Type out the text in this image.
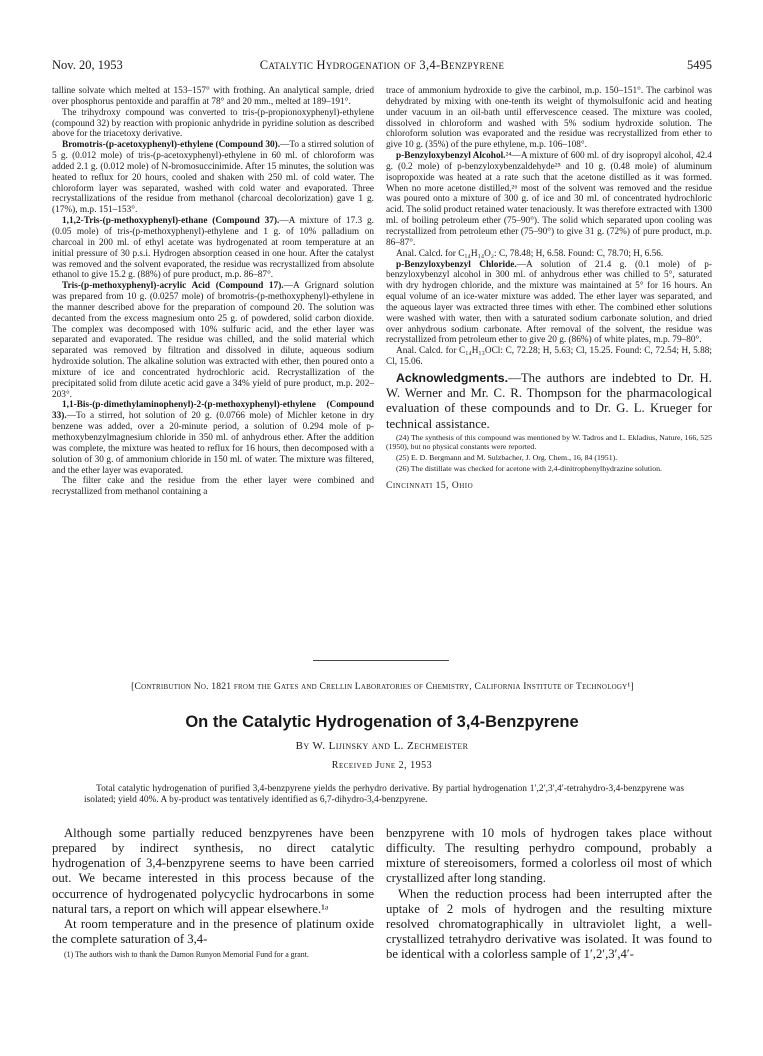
Nov. 20, 1953	Catalytic Hydrogenation of 3,4-Benzpyrene	5495

talline solvate which melted at 153–157° with frothing. An analytical sample, dried over phosphorus pentoxide and paraffin at 78° and 20 mm., melted at 189–191°.

The trihydroxy compound was converted to tris-(p-propionoxyphenyl)-ethylene (compound 32) by reaction with propionic anhydride in pyridine solution as described above for the triacetoxy derivative.

Bromotris-(p-acetoxyphenyl)-ethylene (Compound 30).—To a stirred solution of 5 g. (0.012 mole) of tris-(p-acetoxyphenyl)-ethylene in 60 ml. of chloroform was added 2.1 g. (0.012 mole) of N-bromosuccinimide. After 15 minutes, the solution was heated to reflux for 20 hours, cooled and shaken with 250 ml. of cold water. The chloroform layer was separated, washed with cold water and evaporated. Three recrystallizations of the residue from methanol (charcoal decolorization) gave 1 g. (17%), m.p. 151–153°.

1,1,2-Tris-(p-methoxyphenyl)-ethane (Compound 37).—A mixture of 17.3 g. (0.05 mole) of tris-(p-methoxyphenyl)-ethylene and 1 g. of 10% palladium on charcoal in 200 ml. of ethyl acetate was hydrogenated at room temperature at an initial pressure of 30 p.s.i. Hydrogen absorption ceased in one hour. After the catalyst was removed and the solvent evaporated, the residue was recrystallized from absolute ethanol to give 15.2 g. (88%) of pure product, m.p. 86–87°.

Tris-(p-methoxyphenyl)-acrylic Acid (Compound 17).—A Grignard solution was prepared from 10 g. (0.0257 mole) of bromotris-(p-methoxyphenyl)-ethylene in the manner described above for the preparation of compound 20. The solution was decanted from the excess magnesium onto 25 g. of powdered, solid carbon dioxide. The complex was decomposed with 10% sulfuric acid, and the ether layer was separated and evaporated. The residue was chilled, and the solid material which separated was removed by filtration and dissolved in dilute, aqueous sodium hydroxide solution. The alkaline solution was extracted with ether, then poured onto a mixture of ice and concentrated hydrochloric acid. Recrystallization of the precipitated solid from dilute acetic acid gave a 34% yield of pure product, m.p. 202–203°.

1,1-Bis-(p-dimethylaminophenyl)-2-(p-methoxyphenyl)-ethylene (Compound 33).—To a stirred, hot solution of 20 g. (0.0766 mole) of Michler ketone in dry benzene was added, over a 20-minute period, a solution of 0.294 mole of p-methoxybenzylmagnesium chloride in 350 ml. of anhydrous ether. After the addition was complete, the mixture was heated to reflux for 16 hours, then decomposed with a solution of 30 g. of ammonium chloride in 150 ml. of water. The mixture was filtered, and the ether layer was evaporated.

The filter cake and the residue from the ether layer were combined and recrystallized from methanol containing a

trace of ammonium hydroxide to give the carbinol, m.p. 150–151°. The carbinol was dehydrated by mixing with one-tenth its weight of thymolsulfonic acid and heating under vacuum in an oil-bath until effervescence ceased. The mixture was cooled, dissolved in chloroform and washed with 5% sodium hydroxide solution. The chloroform solution was evaporated and the residue was recrystallized from ether to give 10 g. (35%) of the pure ethylene, m.p. 106–108°.

p-Benzyloxybenzyl Alcohol.²⁴—A mixture of 600 ml. of dry isopropyl alcohol, 42.4 g. (0.2 mole) of p-benzyloxybenzaldehyde²⁵ and 10 g. (0.48 mole) of aluminum isopropoxide was heated at a rate such that the acetone distilled as it was formed. When no more acetone distilled,²⁶ most of the solvent was removed and the residue was poured onto a mixture of 300 g. of ice and 30 ml. of concentrated hydrochloric acid. The solid product retained water tenaciously. It was therefore extracted with 1300 ml. of boiling petroleum ether (75–90°). The solid which separated upon cooling was recrystallized from petroleum ether (75–90°) to give 31 g. (72%) of pure product, m.p. 86–87°.

Anal. Calcd. for C₁₄H₁₄O₂: C, 78.48; H, 6.58. Found: C, 78.70; H, 6.56.

p-Benzyloxybenzyl Chloride.—A solution of 21.4 g. (0.1 mole) of p-benzyloxybenzyl alcohol in 300 ml. of anhydrous ether was chilled to 5°, saturated with dry hydrogen chloride, and the mixture was maintained at 5° for 16 hours. An equal volume of an ice-water mixture was added. The ether layer was separated, and the aqueous layer was extracted three times with ether. The combined ether solutions were washed with water, then with a saturated sodium carbonate solution, and dried over anhydrous sodium carbonate. After removal of the solvent, the residue was recrystallized from petroleum ether to give 20 g. (86%) of white plates, m.p. 79–80°.

Anal. Calcd. for C₁₄H₁₃OCl: C, 72.28; H, 5.63; Cl, 15.25. Found: C, 72.54; H, 5.88; Cl, 15.06.

Acknowledgments.—The authors are indebted to Dr. H. W. Werner and Mr. C. R. Thompson for the pharmacological evaluation of these compounds and to Dr. G. L. Krueger for technical assistance.

(24) The synthesis of this compound was mentioned by W. Tadros and L. Ekladius, Nature, 166, 525 (1950), but no physical constants were reported.

(25) E. D. Bergmann and M. Sulzbacher, J. Org. Chem., 16, 84 (1951).

(26) The distillate was checked for acetone with 2,4-dinitrophenylhydrazine solution.

Cincinnati 15, Ohio

[Contribution No. 1821 from the Gates and Crellin Laboratories of Chemistry, California Institute of Technology¹]
On the Catalytic Hydrogenation of 3,4-Benzpyrene
By W. Lijinsky and L. Zechmeister
Received June 2, 1953
Total catalytic hydrogenation of purified 3,4-benzpyrene yields the perhydro derivative. By partial hydrogenation 1′,2′,3′,4′-tetrahydro-3,4-benzpyrene was isolated; yield 40%. A by-product was tentatively identified as 6,7-dihydro-3,4-benzpyrene.

Although some partially reduced benzpyrenes have been prepared by indirect synthesis, no direct catalytic hydrogenation of 3,4-benzpyrene seems to have been carried out. We became interested in this process because of the occurrence of hydrogenated polycyclic hydrocarbons in some natural tars, a report on which will appear elsewhere.¹ᵃ

At room temperature and in the presence of platinum oxide the complete saturation of 3,4-

(1) The authors wish to thank the Damon Runyon Memorial Fund for a grant.

benzpyrene with 10 mols of hydrogen takes place without difficulty. The resulting perhydro compound, probably a mixture of stereoisomers, formed a colorless oil most of which crystallized after long standing.

When the reduction process had been interrupted after the uptake of 2 mols of hydrogen and the resulting mixture resolved chromatographically in ultraviolet light, a well-crystallized tetrahydro derivative was isolated. It was found to be identical with a colorless sample of 1′,2′,3′,4′-
